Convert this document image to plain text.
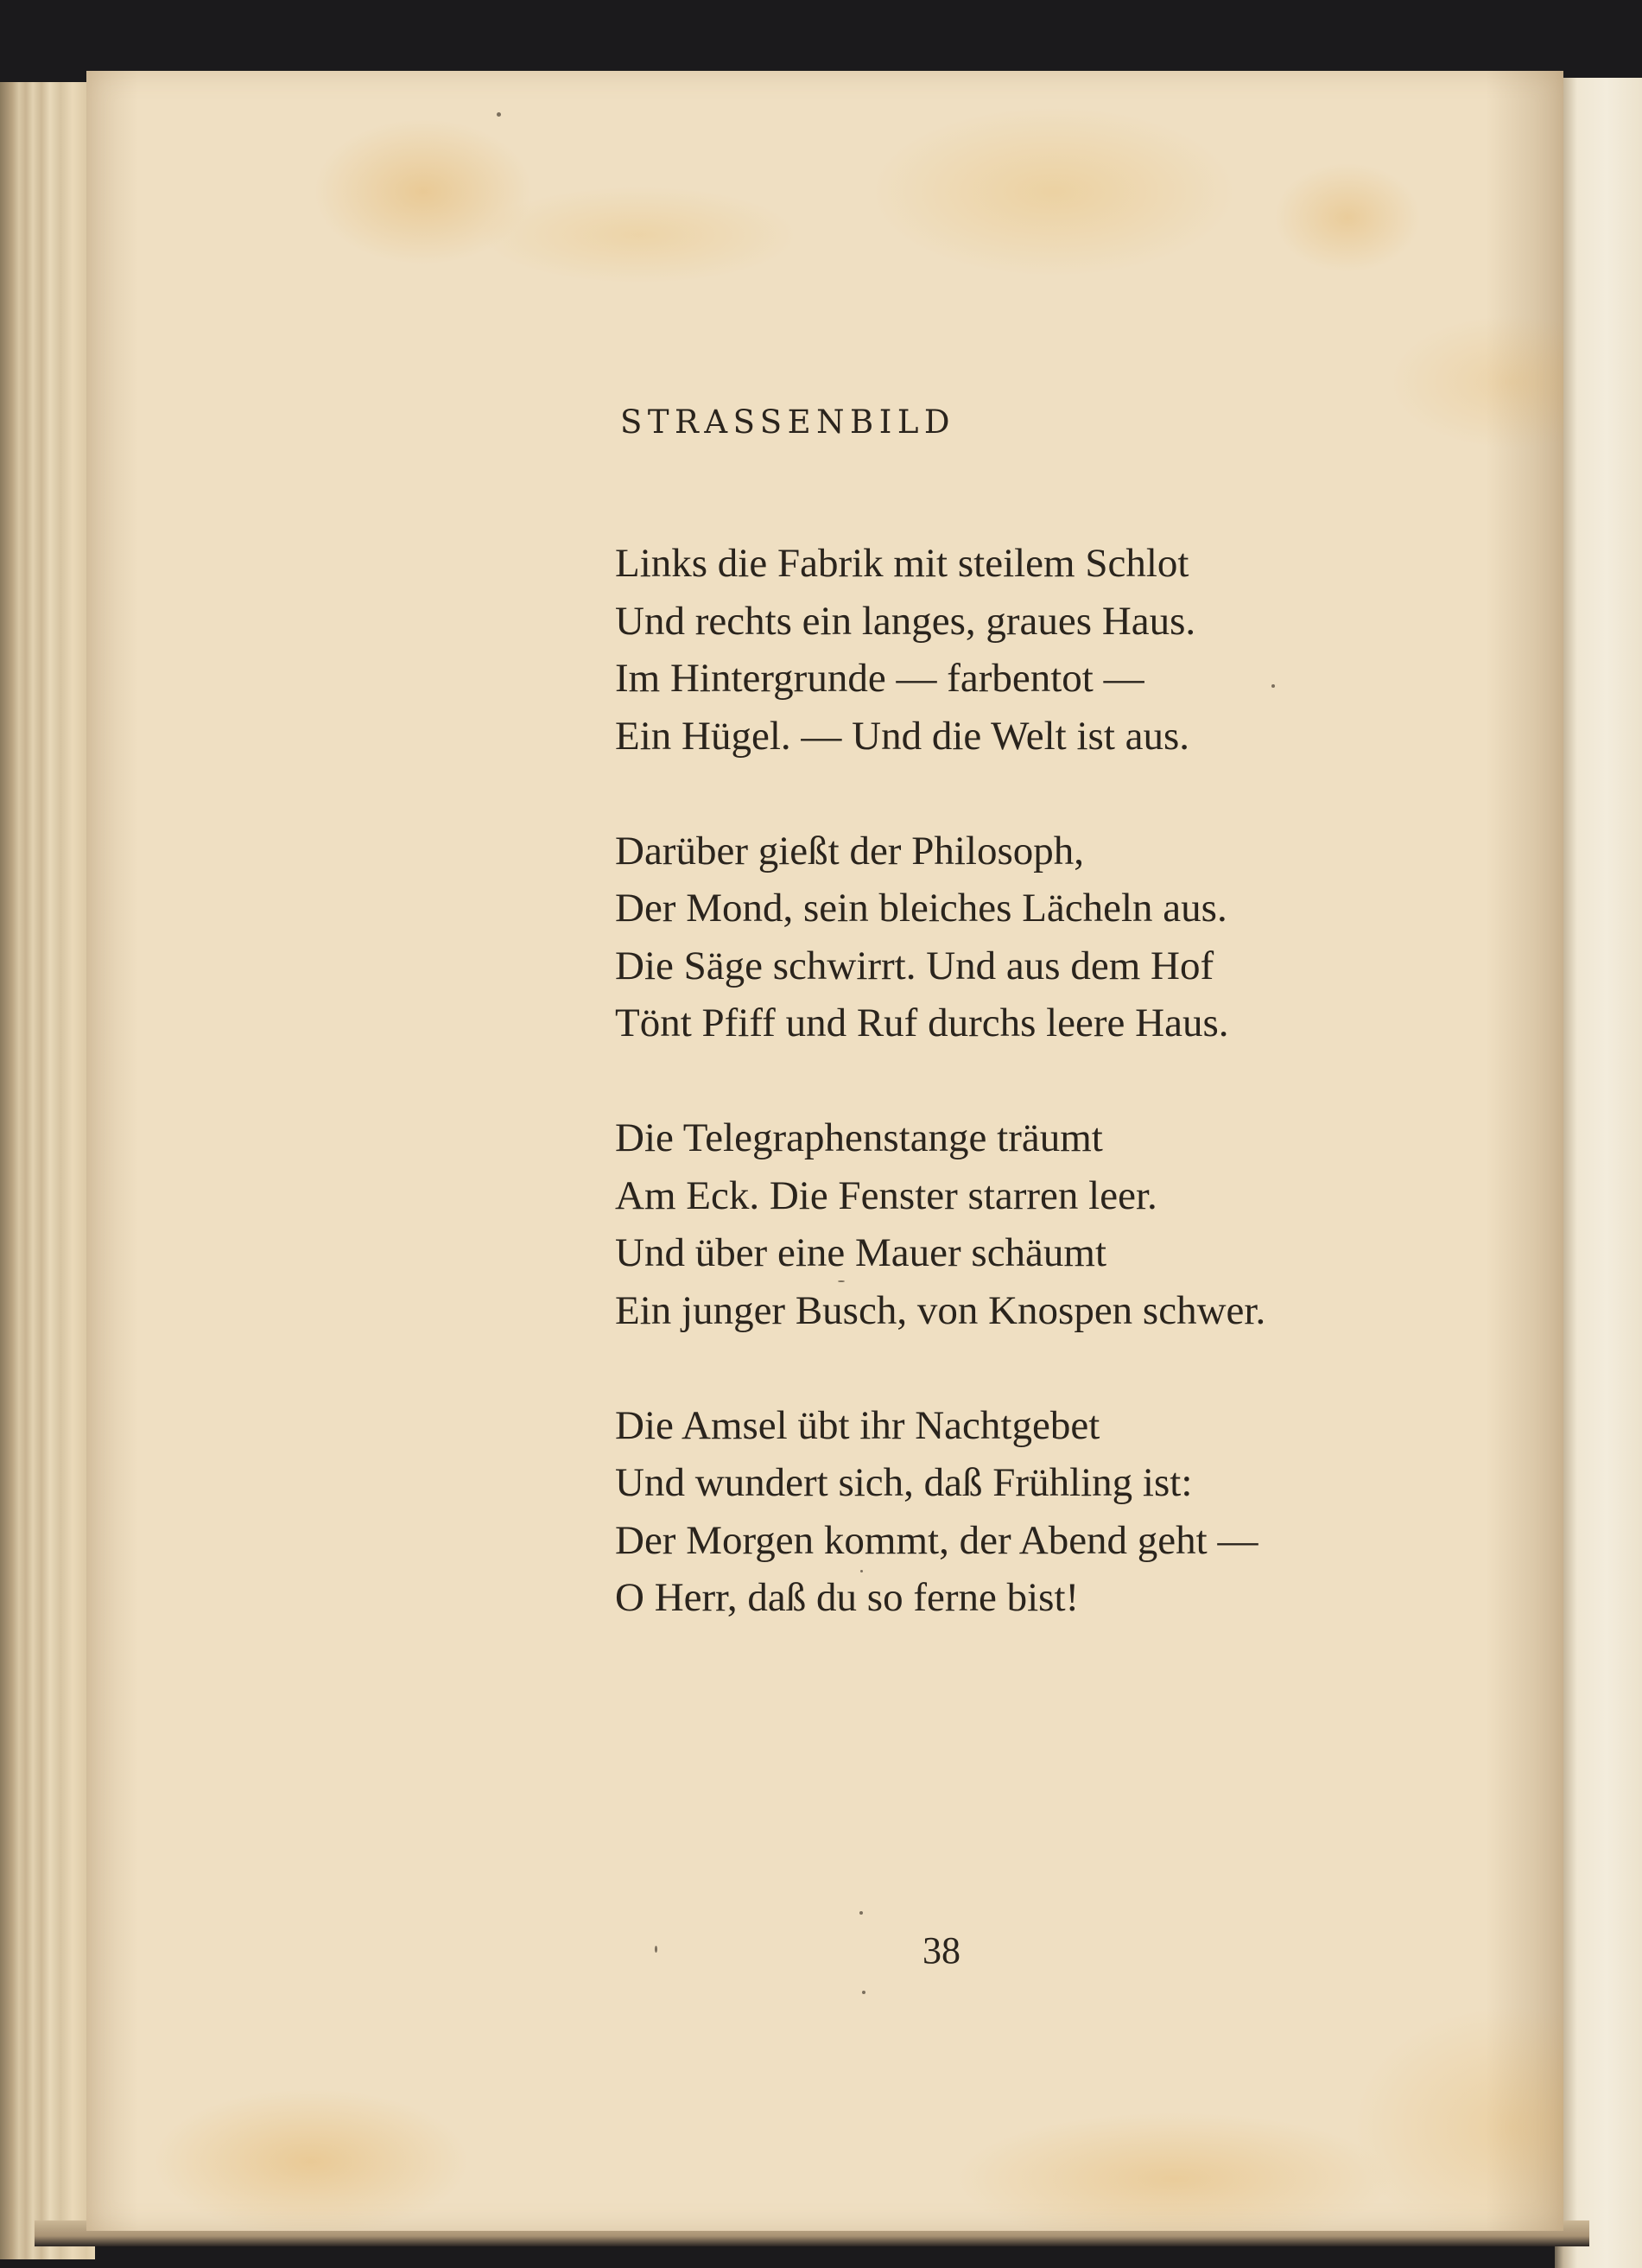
STRASSENBILD
Links die Fabrik mit steilem Schlot
Und rechts ein langes, graues Haus.
Im Hintergrunde — farbentot —
Ein Hügel. — Und die Welt ist aus.
Darüber gießt der Philosoph,
Der Mond, sein bleiches Lächeln aus.
Die Säge schwirrt. Und aus dem Hof
Tönt Pfiff und Ruf durchs leere Haus.
Die Telegraphenstange träumt
Am Eck. Die Fenster starren leer.
Und über eine Mauer schäumt
Ein junger Busch, von Knospen schwer.
Die Amsel übt ihr Nachtgebet
Und wundert sich, daß Frühling ist:
Der Morgen kommt, der Abend geht —
O Herr, daß du so ferne bist!
38
